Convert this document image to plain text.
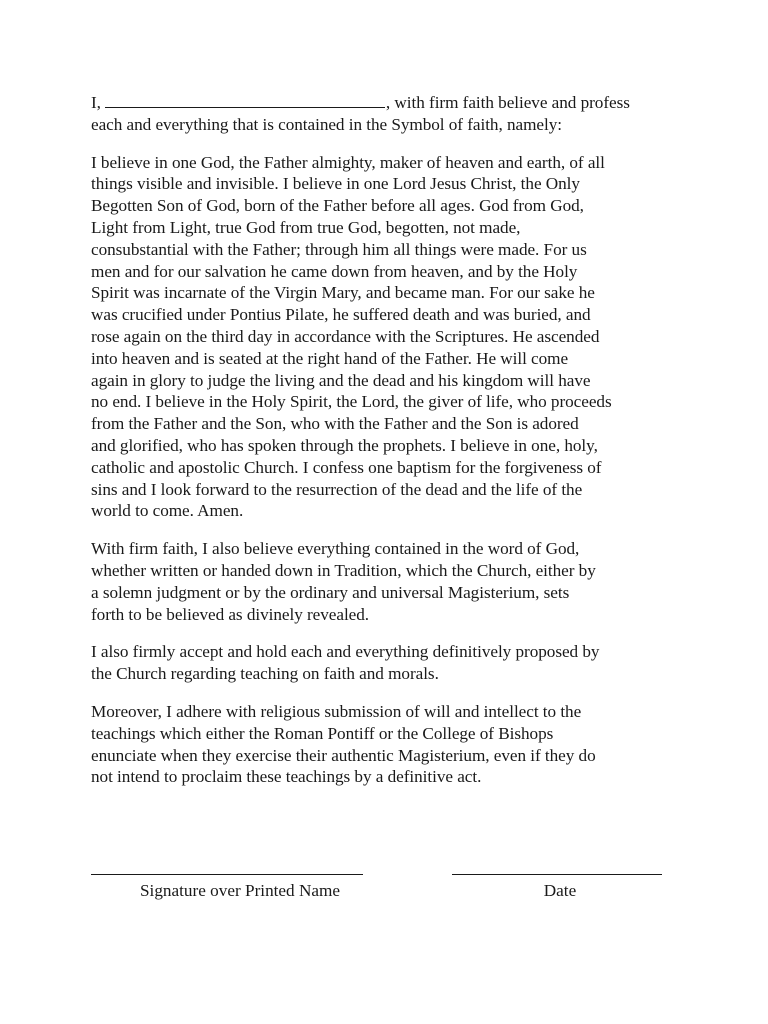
I,	, with firm faith believe and profess
each and everything that is contained in the Symbol of faith, namely:

I believe in one God, the Father almighty, maker of heaven and earth, of all
things visible and invisible. I believe in one Lord Jesus Christ, the Only
Begotten Son of God, born of the Father before all ages. God from God,
Light from Light, true God from true God, begotten, not made,
consubstantial with the Father; through him all things were made. For us
men and for our salvation he came down from heaven, and by the Holy
Spirit was incarnate of the Virgin Mary, and became man. For our sake he
was crucified under Pontius Pilate, he suffered death and was buried, and
rose again on the third day in accordance with the Scriptures. He ascended
into heaven and is seated at the right hand of the Father. He will come
again in glory to judge the living and the dead and his kingdom will have
no end. I believe in the Holy Spirit, the Lord, the giver of life, who proceeds
from the Father and the Son, who with the Father and the Son is adored
and glorified, who has spoken through the prophets. I believe in one, holy,
catholic and apostolic Church. I confess one baptism for the forgiveness of
sins and I look forward to the resurrection of the dead and the life of the
world to come. Amen.

With firm faith, I also believe everything contained in the word of God,
whether written or handed down in Tradition, which the Church, either by
a solemn judgment or by the ordinary and universal Magisterium, sets
forth to be believed as divinely revealed.

I also firmly accept and hold each and everything definitively proposed by
the Church regarding teaching on faith and morals.

Moreover, I adhere with religious submission of will and intellect to the
teachings which either the Roman Pontiff or the College of Bishops
enunciate when they exercise their authentic Magisterium, even if they do
not intend to proclaim these teachings by a definitive act.

Signature over Printed Name	Date
